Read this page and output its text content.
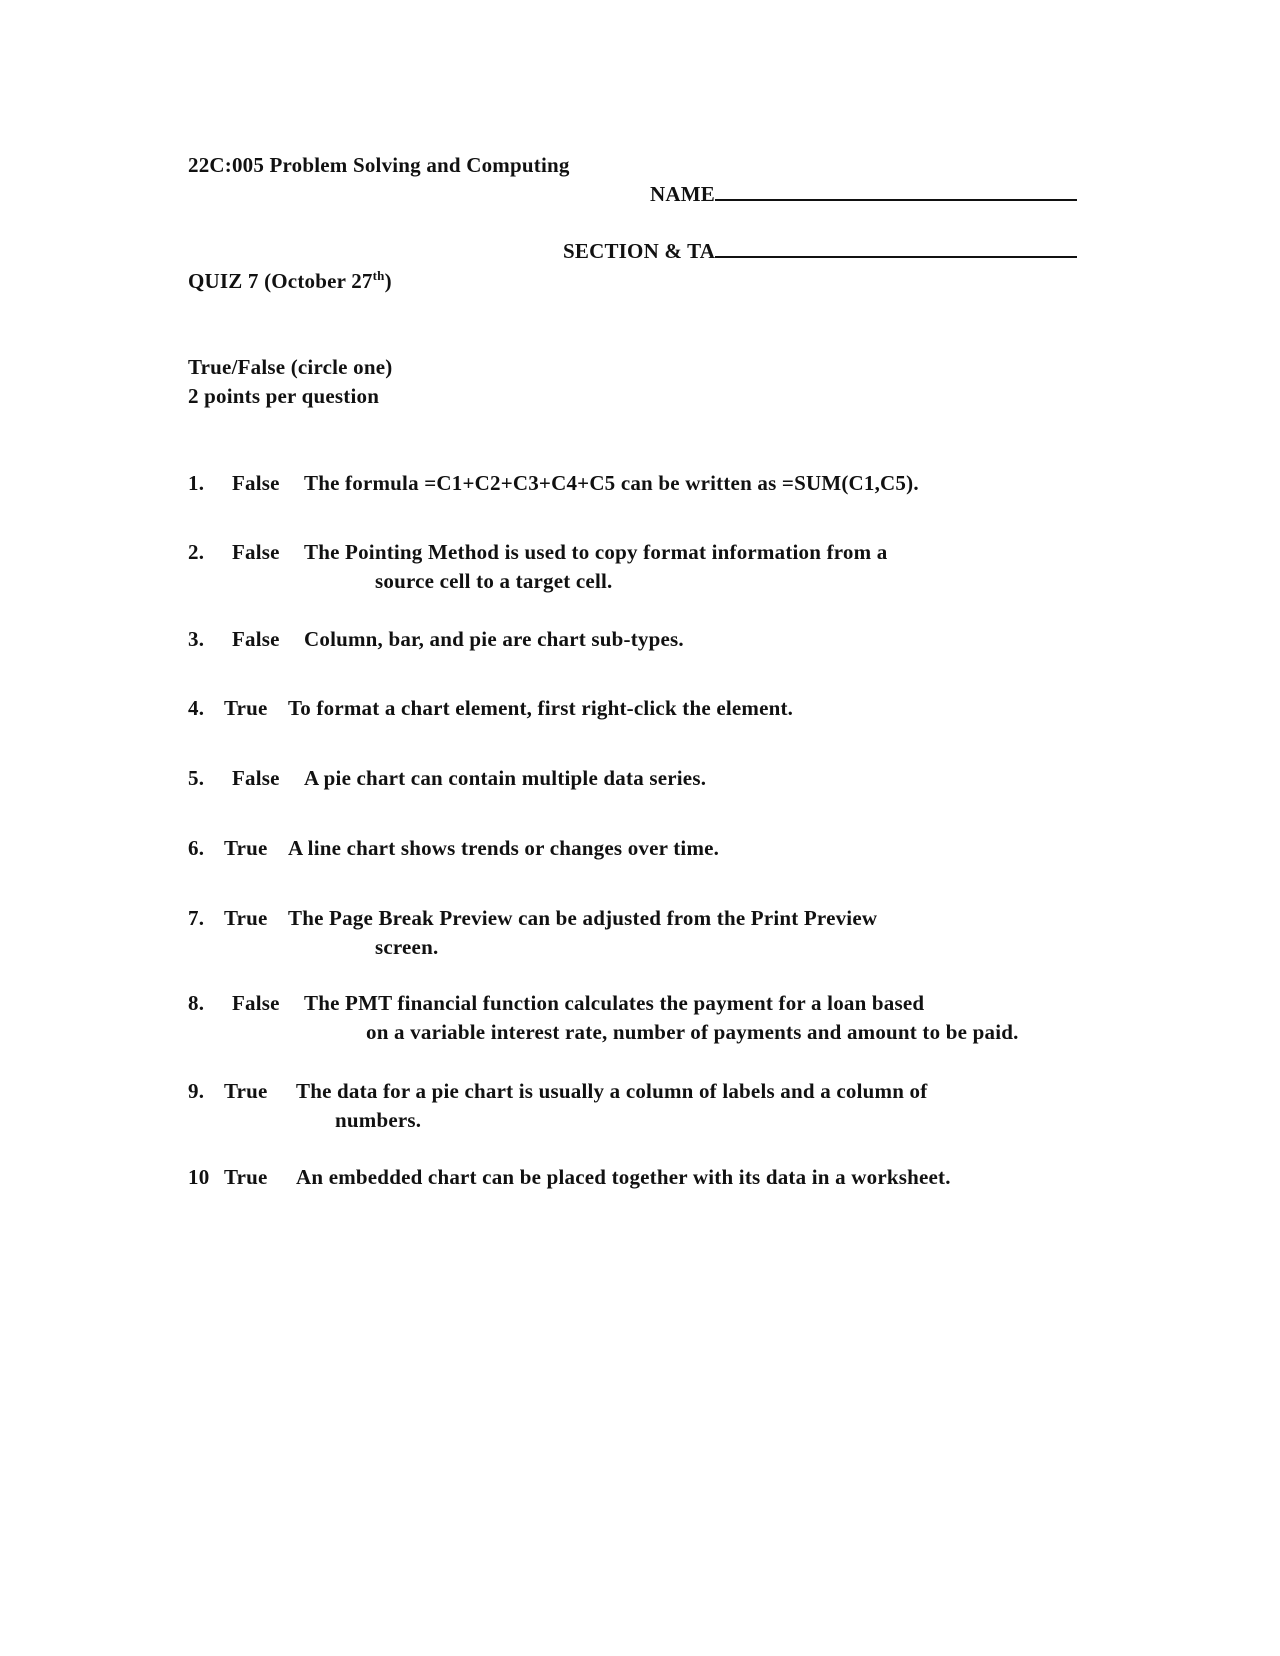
22C:005 Problem Solving and Computing
NAME
SECTION & TA
QUIZ 7 (October 27th)
True/False (circle one)
2 points per question
1. False The formula =C1+C2+C3+C4+C5 can be written as =SUM(C1,C5).
2. False The Pointing Method is used to copy format information from a
source cell to a target cell.
3. False Column, bar, and pie are chart sub-types.
4. True To format a chart element, first right-click the element.
5. False A pie chart can contain multiple data series.
6. True A line chart shows trends or changes over time.
7. True The Page Break Preview can be adjusted from the Print Preview
screen.
8. False The PMT financial function calculates the payment for a loan based
on a variable interest rate, number of payments and amount to be paid.
9. True The data for a pie chart is usually a column of labels and a column of
numbers.
10 True An embedded chart can be placed together with its data in a worksheet.
